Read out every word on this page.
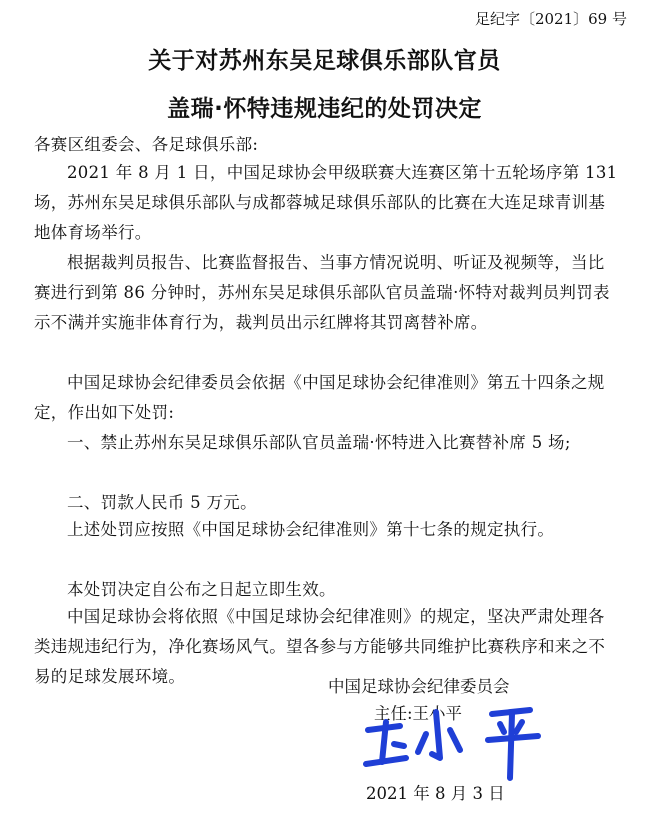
足纪字〔2021〕69 号
关于对苏州东吴足球俱乐部队官员
盖瑞·怀特违规违纪的处罚决定

各赛区组委会、各足球俱乐部:

2021 年 8 月 1 日，中国足球协会甲级联赛大连赛区第十五轮场序第 131 场，苏州东吴足球俱乐部队与成都蓉城足球俱乐部队的比赛在大连足球青训基地体育场举行。

根据裁判员报告、比赛监督报告、当事方情况说明、听证及视频等，当比赛进行到第 86 分钟时，苏州东吴足球俱乐部队官员盖瑞·怀特对裁判员判罚表示不满并实施非体育行为，裁判员出示红牌将其罚离替补席。

中国足球协会纪律委员会依据《中国足球协会纪律准则》第五十四条之规定，作出如下处罚:

一、禁止苏州东吴足球俱乐部队官员盖瑞·怀特进入比赛替补席 5 场;

二、罚款人民币 5 万元。

上述处罚应按照《中国足球协会纪律准则》第十七条的规定执行。

本处罚决定自公布之日起立即生效。

中国足球协会将依照《中国足球协会纪律准则》的规定，坚决严肃处理各类违规违纪行为，净化赛场风气。望各参与方能够共同维护比赛秩序和来之不易的足球发展环境。

中国足球协会纪律委员会
主任:王小平
2021 年 8 月 3 日
